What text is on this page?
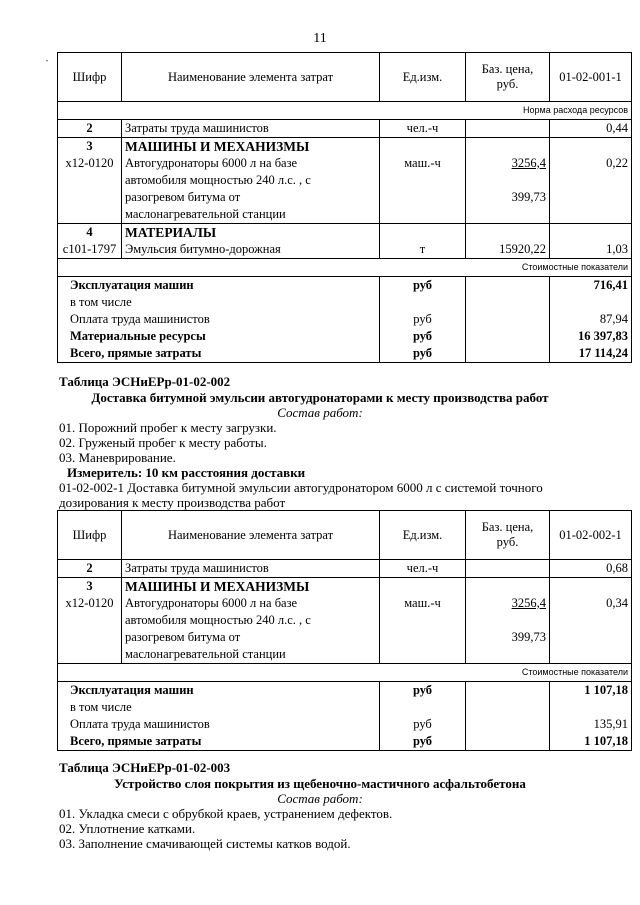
11
"
Шифр	Наименование элемента затрат	Ед.изм.	Баз. цена,
руб.	01-02-001-1
Норма расхода ресурсов				
2	Затраты труда машинистов	чел.-ч		0,44
3	МАШИНЫ И МЕХАНИЗМЫ			
х12-0120	Автогудронаторы 6000 л на базе	маш.-ч	3256,4	0,22
	автомобиля мощностью 240 л.с. , с			
	разогревом битума от		399,73	
	маслонагревательной станции			
4	МАТЕРИАЛЫ			
с101-1797	Эмульсия битумно-дорожная	т	15920,22	1,03
Стоимостные показатели				
Эксплуатация машин		руб		716,41
в том числе				
Оплата труда машинистов		руб		87,94
Материальные ресурсы		руб		16 397,83
Всего, прямые затраты		руб		17 114,24
Таблица ЭСНиЕРр-01-02-002
Доставка битумной эмульсии автогудронаторами к месту производства работ
Состав работ:
01. Порожний пробег к месту загрузки.
02. Груженый пробег к месту работы.
03. Маневрирование.
Измеритель: 10 км расстояния доставки
01-02-002-1 Доставка битумной эмульсии автогудронатором 6000 л с системой точного
дозирования к месту производства работ
Шифр	Наименование элемента затрат	Ед.изм.	Баз. цена,
руб.	01-02-002-1
2	Затраты труда машинистов	чел.-ч		0,68
3	МАШИНЫ И МЕХАНИЗМЫ			
х12-0120	Автогудронаторы 6000 л на базе	маш.-ч	3256,4	0,34
	автомобиля мощностью 240 л.с. , с			
	разогревом битума от		399,73	
	маслонагревательной станции			
Стоимостные показатели				
Эксплуатация машин		руб		1 107,18
в том числе				
Оплата труда машинистов		руб		135,91
Всего, прямые затраты		руб		1 107,18
Таблица ЭСНиЕРр-01-02-003
Устройство слоя покрытия из щебеночно-мастичного асфальтобетона
Состав работ:
01. Укладка смеси с обрубкой краев, устранением дефектов.
02. Уплотнение катками.
03. Заполнение смачивающей системы катков водой.
